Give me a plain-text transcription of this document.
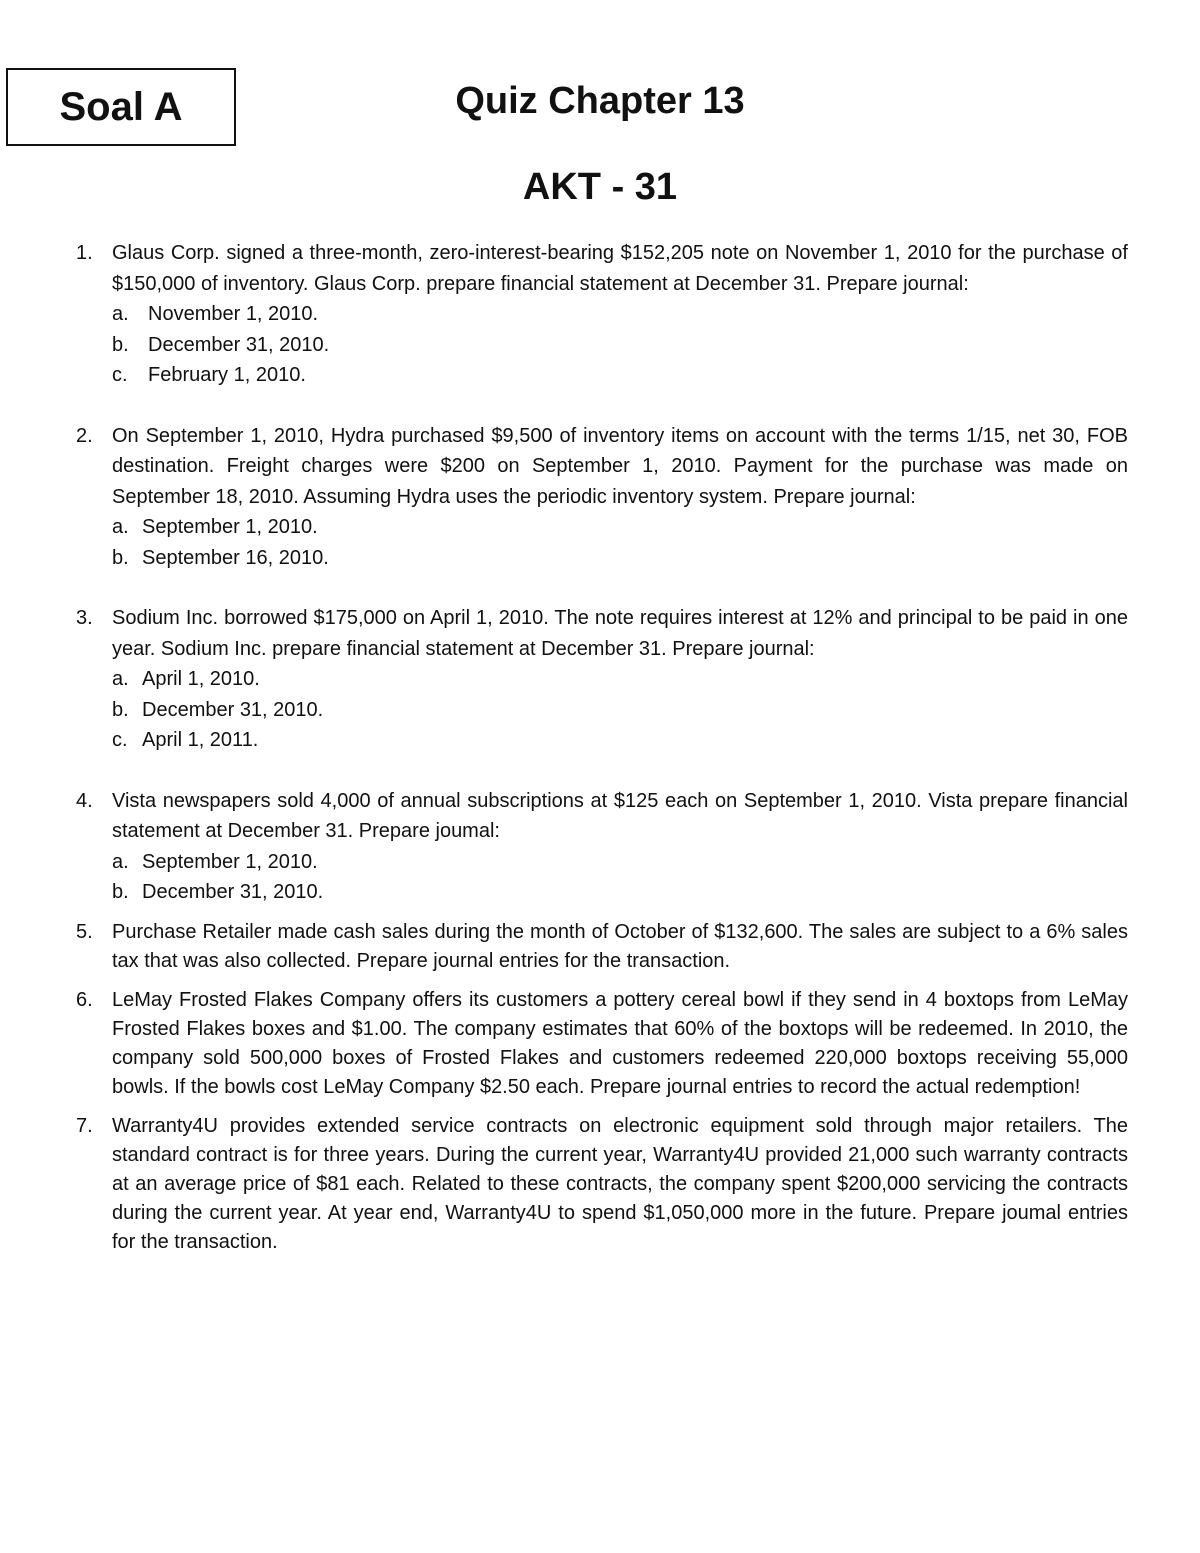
Soal A	Quiz Chapter 13
AKT - 31
1. Glaus Corp. signed a three-month, zero-interest-bearing $152,205 note on November 1, 2010 for the purchase of $150,000 of inventory. Glaus Corp. prepare financial statement at December 31. Prepare journal:
a. November 1, 2010.
b. December 31, 2010.
c. February 1, 2010.
2. On September 1, 2010, Hydra purchased $9,500 of inventory items on account with the terms 1/15, net 30, FOB destination. Freight charges were $200 on September 1, 2010. Payment for the purchase was made on September 18, 2010. Assuming Hydra uses the periodic inventory system. Prepare journal:
a. September 1, 2010.
b. September 16, 2010.
3. Sodium Inc. borrowed $175,000 on April 1, 2010. The note requires interest at 12% and principal to be paid in one year. Sodium Inc. prepare financial statement at December 31. Prepare journal:
a. April 1, 2010.
b. December 31, 2010.
c. April 1, 2011.
4. Vista newspapers sold 4,000 of annual subscriptions at $125 each on September 1, 2010. Vista prepare financial statement at December 31. Prepare joumal:
a. September 1, 2010.
b. December 31, 2010.
5. Purchase Retailer made cash sales during the month of October of $132,600. The sales are subject to a 6% sales tax that was also collected. Prepare journal entries for the transaction.
6. LeMay Frosted Flakes Company offers its customers a pottery cereal bowl if they send in 4 boxtops from LeMay Frosted Flakes boxes and $1.00. The company estimates that 60% of the boxtops will be redeemed. In 2010, the company sold 500,000 boxes of Frosted Flakes and customers redeemed 220,000 boxtops receiving 55,000 bowls. If the bowls cost LeMay Company $2.50 each. Prepare journal entries to record the actual redemption!
7. Warranty4U provides extended service contracts on electronic equipment sold through major retailers. The standard contract is for three years. During the current year, Warranty4U provided 21,000 such warranty contracts at an average price of $81 each. Related to these contracts, the company spent $200,000 servicing the contracts during the current year. At year end, Warranty4U to spend $1,050,000 more in the future. Prepare joumal entries for the transaction.
